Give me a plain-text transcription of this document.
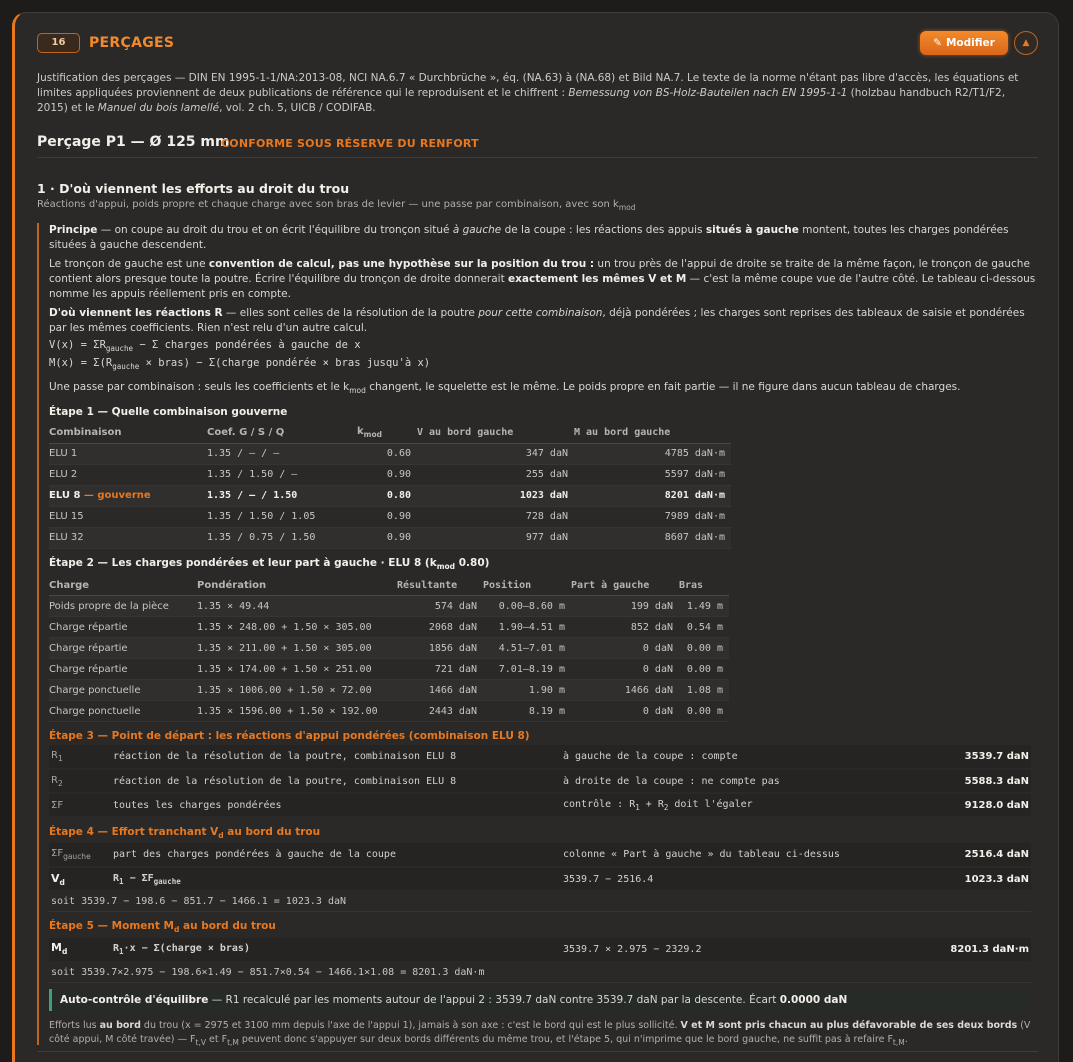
16	PERÇAGES	✎ Modifier	▲
Justification des perçages — DIN EN 1995-1-1/NA:2013-08, NCI NA.6.7 « Durchbrüche », éq. (NA.63) à (NA.68) et Bild NA.7. Le texte de la norme n'étant pas libre d'accès, les équations et limites appliquées proviennent de deux publications de référence qui le reproduisent et le chiffrent : Bemessung von BS-Holz-Bauteilen nach EN 1995-1-1 (holzbau handbuch R2/T1/F2, 2015) et le Manuel du bois lamellé, vol. 2 ch. 5, UICB / CODIFAB.
Perçage P1 — Ø 125 mm
CONFORME SOUS RÉSERVE DU RENFORT
1 · D'où viennent les efforts au droit du trou
Réactions d'appui, poids propre et chaque charge avec son bras de levier — une passe par combinaison, avec son $k_{mod}$
Principe — on coupe au droit du trou et on écrit l'équilibre du tronçon situé à gauche de la coupe : les réactions des appuis situés à gauche montent, toutes les charges pondérées situées à gauche descendent.
Le tronçon de gauche est une convention de calcul, pas une hypothèse sur la position du trou : un trou près de l'appui de droite se traite de la même façon, le tronçon de gauche contient alors presque toute la poutre. Écrire l'équilibre du tronçon de droite donnerait exactement les mêmes V et M — c'est la même coupe vue de l'autre côté. Le tableau ci-dessous nomme les appuis réellement pris en compte.
D'où viennent les réactions R — elles sont celles de la résolution de la poutre pour cette combinaison, déjà pondérées ; les charges sont reprises des tableaux de saisie et pondérées par les mêmes coefficients. Rien n'est relu d'un autre calcul.
$V(x) = \Sigma R_{gauche} - \Sigma$ charges pondérées à gauche de x
$M(x) = \Sigma(R_{gauche}$ × bras) − Σ(charge pondérée × bras jusqu'à x)
Une passe par combinaison : seuls les coefficients et le $k_{mod}$ changent, le squelette est le même. Le poids propre en fait partie — il ne figure dans aucun tableau de charges.
Étape 1 — Quelle combinaison gouverne
Combinaison	Coef. G / S / Q	$k_{mod}$	V au bord gauche	M au bord gauche
ELU 1	1.35 / — / —	0.60	347 daN	4785 daN·m
ELU 2	1.35 / 1.50 / —	0.90	255 daN	5597 daN·m
ELU 8 — gouverne	1.35 / — / 1.50	0.80	1023 daN	8201 daN·m
ELU 15	1.35 / 1.50 / 1.05	0.90	728 daN	7989 daN·m
ELU 32	1.35 / 0.75 / 1.50	0.90	977 daN	8607 daN·m
Étape 2 — Les charges pondérées et leur part à gauche · ELU 8 ($k_{mod}$ 0.80)
Charge	Pondération	Résultante	Position	Part à gauche	Bras
Poids propre de la pièce	1.35 × 49.44	574 daN	0.00–8.60 m	199 daN	1.49 m
Charge répartie	1.35 × 248.00 + 1.50 × 305.00	2068 daN	1.90–4.51 m	852 daN	0.54 m
Charge répartie	1.35 × 211.00 + 1.50 × 305.00	1856 daN	4.51–7.01 m	0 daN	0.00 m
Charge répartie	1.35 × 174.00 + 1.50 × 251.00	721 daN	7.01–8.19 m	0 daN	0.00 m
Charge ponctuelle	1.35 × 1006.00 + 1.50 × 72.00	1466 daN	1.90 m	1466 daN	1.08 m
Charge ponctuelle	1.35 × 1596.00 + 1.50 × 192.00	2443 daN	8.19 m	0 daN	0.00 m
Étape 3 — Point de départ : les réactions d'appui pondérées (combinaison ELU 8)
$R_1$	réaction de la résolution de la poutre, combinaison ELU 8	à gauche de la coupe : compte	3539.7 daN
$R_2$	réaction de la résolution de la poutre, combinaison ELU 8	à droite de la coupe : ne compte pas	5588.3 daN
ΣF	toutes les charges pondérées	contrôle : $R_1 + R_2$ doit l'égaler	9128.0 daN
Étape 4 — Effort tranchant $V_d$ au bord du trou
$\Sigma F_{gauche}$	part des charges pondérées à gauche de la coupe	colonne « Part à gauche » du tableau ci-dessus	2516.4 daN
$V_d$	$R_1 - \Sigma F_{gauche}$	3539.7 − 2516.4	1023.3 daN
soit 3539.7 − 198.6 − 851.7 − 1466.1 = 1023.3 daN
Étape 5 — Moment $M_d$ au bord du trou
$M_d$	$R_1\cdot x$ − Σ(charge × bras)	3539.7 × 2.975 − 2329.2	8201.3 daN·m
soit 3539.7×2.975 − 198.6×1.49 − 851.7×0.54 − 1466.1×1.08 = 8201.3 daN·m
Auto-contrôle d'équilibre — R1 recalculé par les moments autour de l'appui 2 : 3539.7 daN contre 3539.7 daN par la descente. Écart 0.0000 daN
Efforts lus au bord du trou (x = 2975 et 3100 mm depuis l'axe de l'appui 1), jamais à son axe : c'est le bord qui est le plus sollicité. V et M sont pris chacun au plus défavorable de ses deux bords (V côté appui, M côté travée) — $F_{t,V}$ et $F_{t,M}$ peuvent donc s'appuyer sur deux bords différents du même trou, et l'étape 5, qui n'imprime que le bord gauche, ne suffit pas à refaire $F_{t,M}$.
